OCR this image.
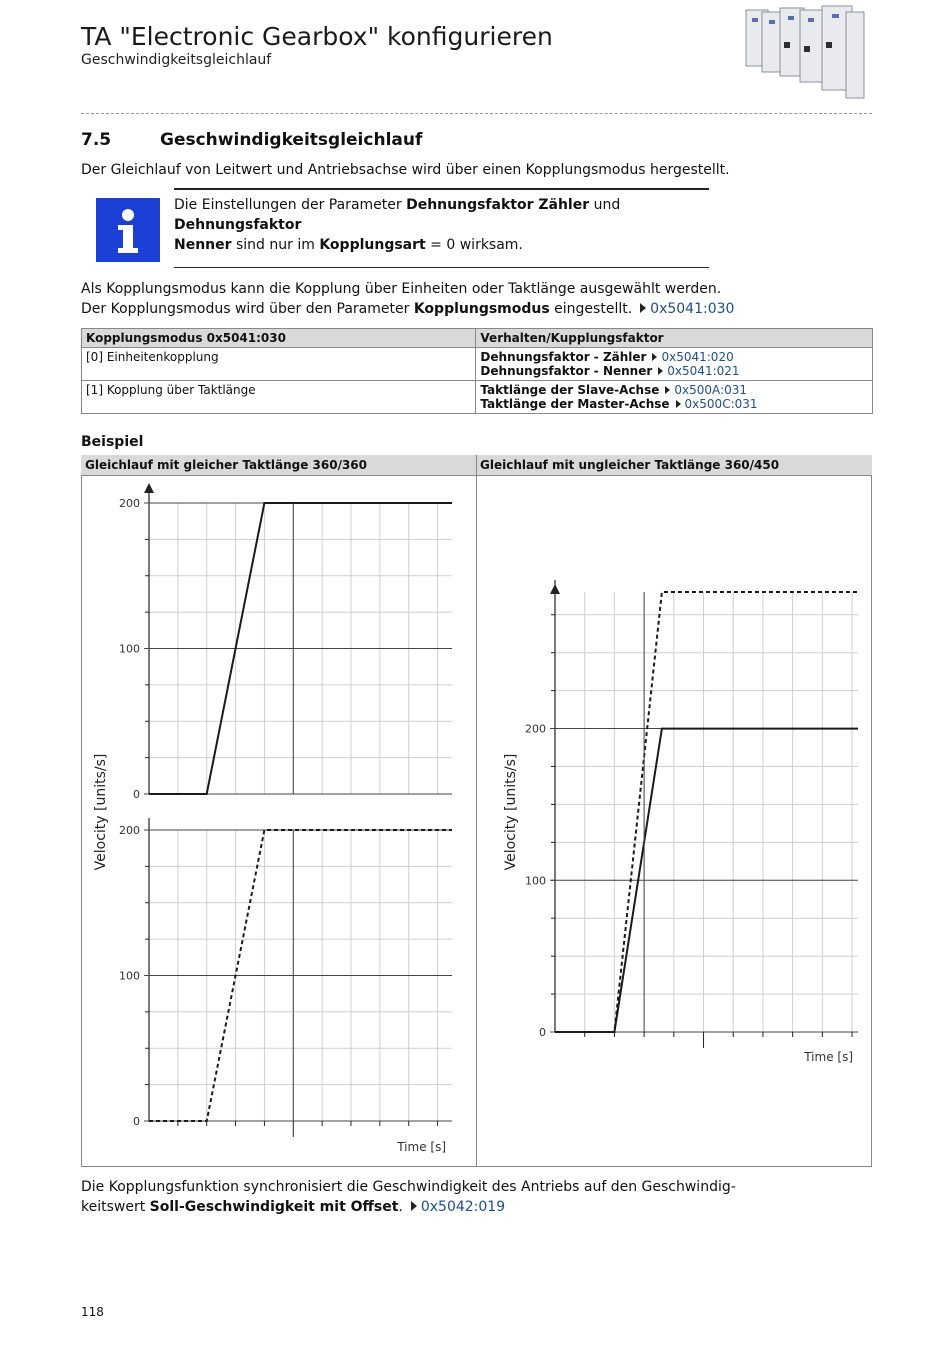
TA "Electronic Gearbox" konfigurieren
Geschwindigkeitsgleichlauf
7.5	Geschwindigkeitsgleichlauf
Der Gleichlauf von Leitwert und Antriebsachse wird über einen Kopplungsmodus hergestellt.
Die Einstellungen der Parameter Dehnungsfaktor Zähler und Dehnungsfaktor
Nenner sind nur im Kopplungsart = 0 wirksam.
Als Kopplungsmodus kann die Kopplung über Einheiten oder Taktlänge ausgewählt werden.
Der Kopplungsmodus wird über den Parameter Kopplungsmodus eingestellt. 0x5041:030
Kopplungsmodus 0x5041:030	Verhalten/Kupplungsfaktor
[0] Einheitenkopplung	Dehnungsfaktor - Zähler 0x5041:020
Dehnungsfaktor - Nenner 0x5041:021
[1] Kopplung über Taktlänge	Taktlänge der Slave-Achse 0x500A:031
Taktlänge der Master-Achse 0x500C:031
Beispiel
Gleichlauf mit gleicher Taktlänge 360/360	Gleichlauf mit ungleicher Taktlänge 360/450
0
100
200
0
100
200
Time [s]
Velocity [units/s]
0
100
200
Time [s]
Velocity [units/s]
Die Kopplungsfunktion synchronisiert die Geschwindigkeit des Antriebs auf den Geschwindig-
keitswert Soll-Geschwindigkeit mit Offset. 0x5042:019
118
